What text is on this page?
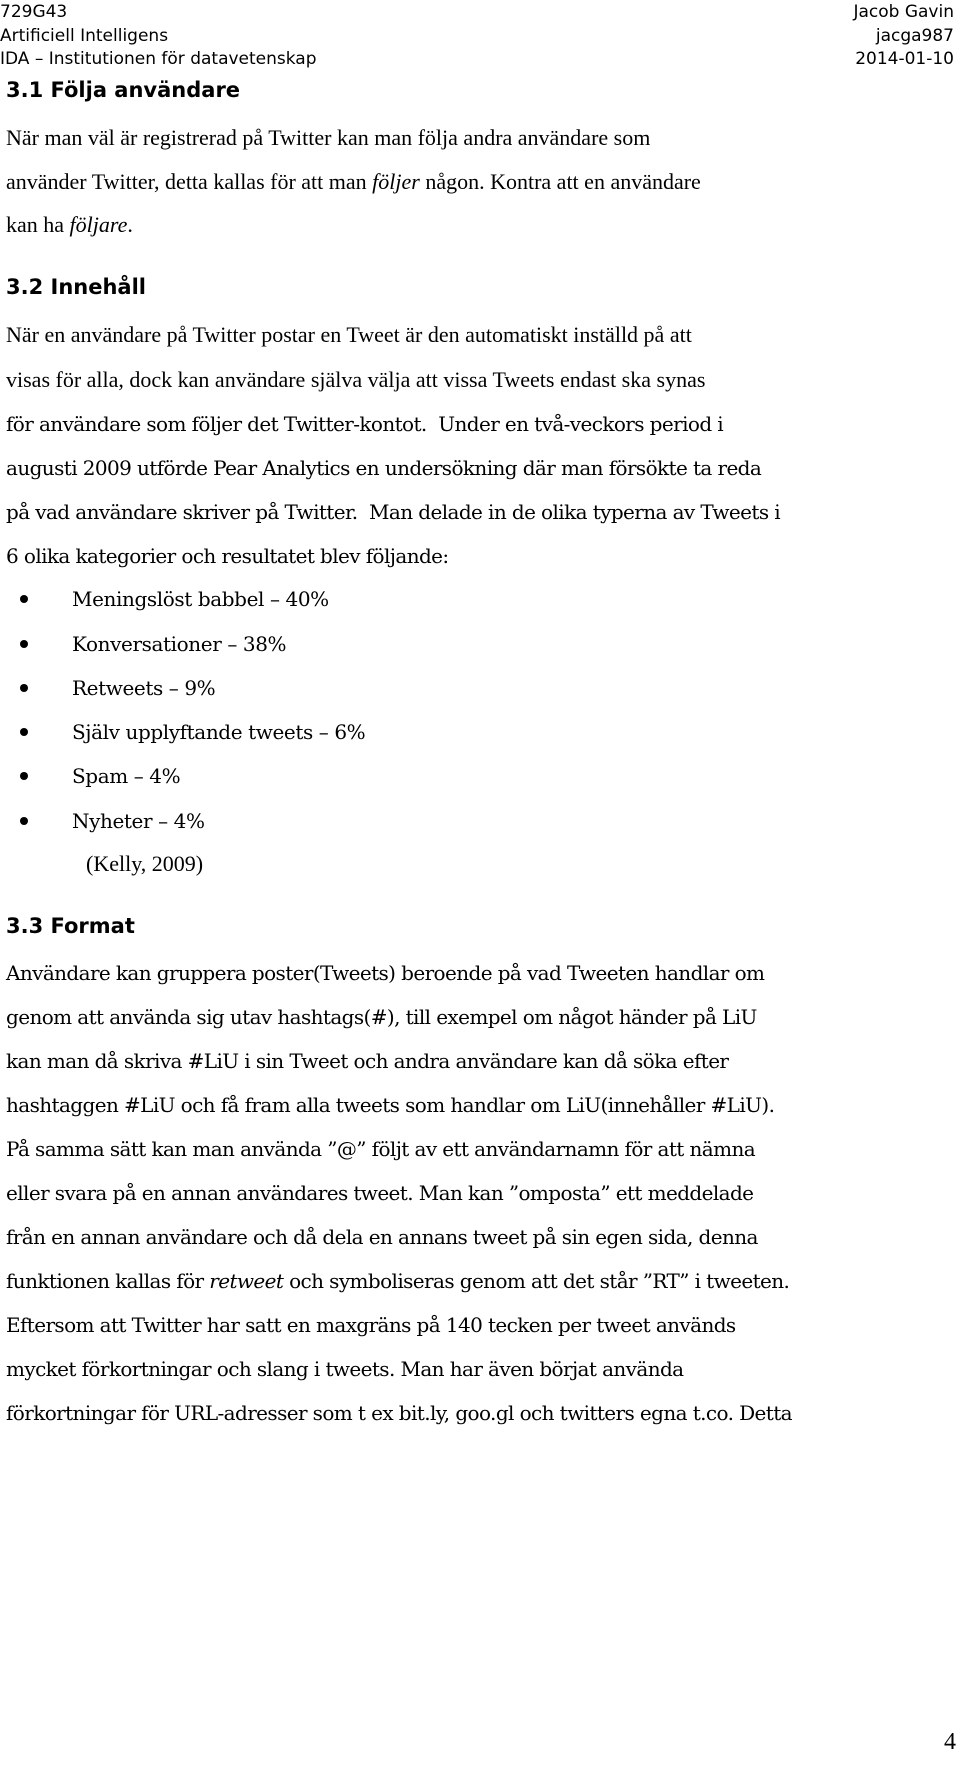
729G43
Artificiell Intelligens
IDA – Institutionen för datavetenskap
Jacob Gavin
jacga987
2014-01-10
3.1 Följa användare
När man väl är registrerad på Twitter kan man följa andra användare som
använder Twitter, detta kallas för att man följer någon. Kontra att en användare
kan ha följare.
3.2 Innehåll
När en användare på Twitter postar en Tweet är den automatiskt inställd på att
visas för alla, dock kan användare själva välja att vissa Tweets endast ska synas
för användare som följer det Twitter-kontot. Under en två-veckors period i
augusti 2009 utförde Pear Analytics en undersökning där man försökte ta reda
på vad användare skriver på Twitter. Man delade in de olika typerna av Tweets i
6 olika kategorier och resultatet blev följande:
Meningslöst babbel – 40%
Konversationer – 38%
Retweets – 9%
Själv upplyftande tweets – 6%
Spam – 4%
Nyheter – 4%
(Kelly, 2009)
3.3 Format
Användare kan gruppera poster(Tweets) beroende på vad Tweeten handlar om
genom att använda sig utav hashtags(#), till exempel om något händer på LiU
kan man då skriva #LiU i sin Tweet och andra användare kan då söka efter
hashtaggen #LiU och få fram alla tweets som handlar om LiU(innehåller #LiU).
På samma sätt kan man använda ”@” följt av ett användarnamn för att nämna
eller svara på en annan användares tweet. Man kan ”omposta” ett meddelade
från en annan användare och då dela en annans tweet på sin egen sida, denna
funktionen kallas för retweet och symboliseras genom att det står ”RT” i tweeten.
Eftersom att Twitter har satt en maxgräns på 140 tecken per tweet används
mycket förkortningar och slang i tweets. Man har även börjat använda
förkortningar för URL-adresser som t ex bit.ly, goo.gl och twitters egna t.co. Detta
4
